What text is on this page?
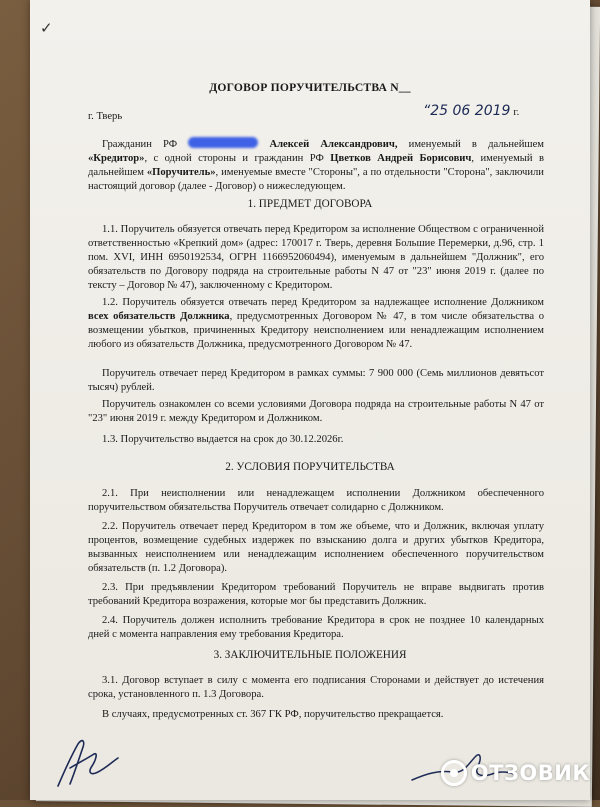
✓
ДОГОВОР ПОРУЧИТЕЛЬСТВА N__
г. Тверь	“25 06 2019 г.
Гражданин РФ	Алексей Александрович, именуемый в дальнейшем «Кредитор», с одной стороны и гражданин РФ Цветков Андрей Борисович, именуемый в дальнейшем «Поручитель», именуемые вместе "Стороны", а по отдельности "Сторона", заключили настоящий договор (далее - Договор) о нижеследующем.
1. ПРЕДМЕТ ДОГОВОРА
1.1. Поручитель обязуется отвечать перед Кредитором за исполнение Обществом с ограниченной ответственностью «Крепкий дом» (адрес: 170017 г. Тверь, деревня Большие Перемерки, д.96, стр. 1 пом. XVI, ИНН 6950192534, ОГРН 1166952060494), именуемым в дальнейшем "Должник", его обязательств по Договору подряда на строительные работы N 47 от "23" июня 2019 г. (далее по тексту – Договор № 47), заключенному с Кредитором.
1.2. Поручитель обязуется отвечать перед Кредитором за надлежащее исполнение Должником всех обязательств Должника, предусмотренных Договором № 47, в том числе обязательства о возмещении убытков, причиненных Кредитору неисполнением или ненадлежащим исполнением любого из обязательств Должника, предусмотренного Договором № 47.
Поручитель отвечает перед Кредитором в рамках суммы: 7 900 000 (Семь миллионов девятьсот тысяч) рублей.
Поручитель ознакомлен со всеми условиями Договора подряда на строительные работы N 47 от "23" июня 2019 г. между Кредитором и Должником.
1.3. Поручительство выдается на срок до 30.12.2026г.
2. УСЛОВИЯ ПОРУЧИТЕЛЬСТВА
2.1. При неисполнении или ненадлежащем исполнении Должником обеспеченного поручительством обязательства Поручитель отвечает солидарно с Должником.
2.2. Поручитель отвечает перед Кредитором в том же объеме, что и Должник, включая уплату процентов, возмещение судебных издержек по взысканию долга и других убытков Кредитора, вызванных неисполнением или ненадлежащим исполнением обеспеченного поручительством обязательств (п. 1.2 Договора).
2.3. При предъявлении Кредитором требований Поручитель не вправе выдвигать против требований Кредитора возражения, которые мог бы представить Должник.
2.4. Поручитель должен исполнить требование Кредитора в срок не позднее 10 календарных дней с момента направления ему требования Кредитора.
3. ЗАКЛЮЧИТЕЛЬНЫЕ ПОЛОЖЕНИЯ
3.1. Договор вступает в силу с момента его подписания Сторонами и действует до истечения срока, установленного п. 1.3 Договора.
В случаях, предусмотренных ст. 367 ГК РФ, поручительство прекращается.
ОТЗОВИК
